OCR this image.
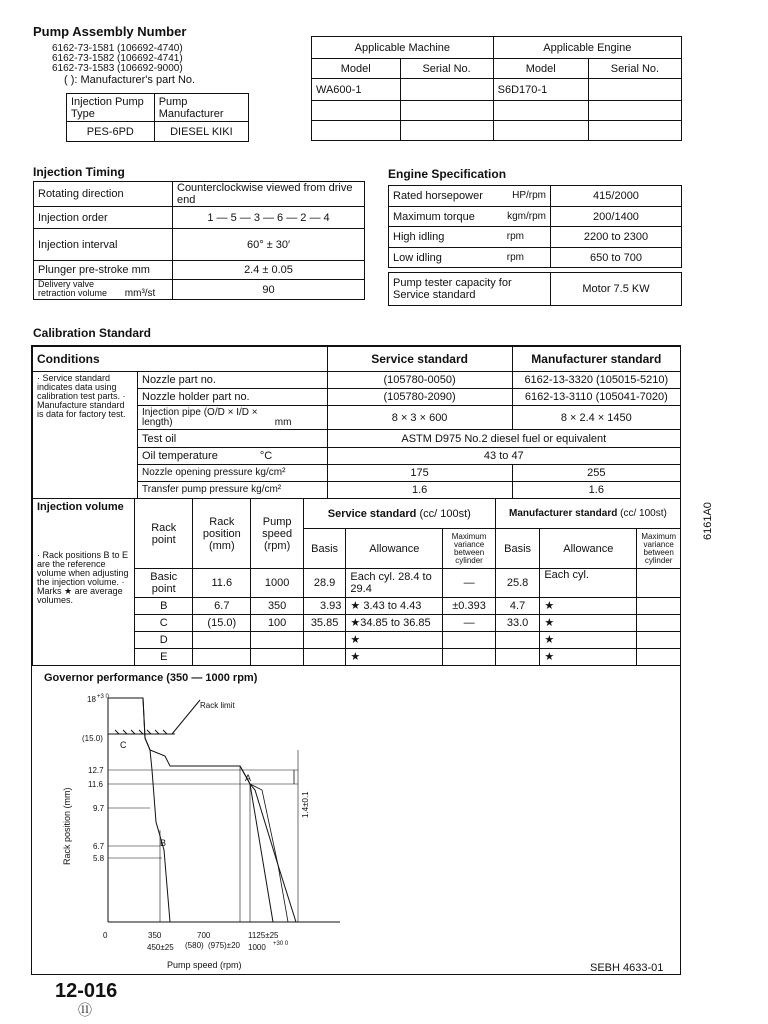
Pump Assembly Number
6162-73-1581 (106692-4740)
6162-73-1582 (106692-4741)
6162-73-1583 (106692-9000)
( ): Manufacturer's part No.
Injection Pump Type	Pump Manufacturer
PES-6PD	DIESEL KIKI
Applicable Machine		Applicable Engine	
Model	Serial No.	Model	Serial No.
WA600-1		S6D170-1	

Injection Timing
Rotating direction	Counterclockwise viewed from drive end
Injection order	1 — 5 — 3 — 6 — 2 — 4
Injection interval	60° ± 30′
Plunger pre-stroke mm	2.4 ± 0.05
Delivery valve retraction volume mm³/st	90
Engine Specification
Rated horsepower HP/rpm	415/2000
Maximum torque kgm/rpm	200/1400
High idling rpm	2200 to 2300
Low idling rpm	650 to 700
Pump tester capacity for Service standard	Motor 7.5 KW
Calibration Standard
Conditions		Service standard	Manufacturer standard
· Service standard indicates data using calibration test parts. · Manufacture standard is data for factory test.	Nozzle part no.	(105780-0050)	6162-13-3320 (105015-5210)
	Nozzle holder part no.	(105780-2090)	6162-13-3110 (105041-7020)
	Injection pipe (O/D × I/D × length) mm	8 × 3 × 600	8 × 2.4 × 1450
	Test oil	ASTM D975 No.2 diesel fuel or equivalent	
	Oil temperature °C	43 to 47	
	Nozzle opening pressure kg/cm²	175	255
	Transfer pump pressure kg/cm²	1.6	1.6
Injection volume
· Rack positions B to E are the reference volume when adjusting the injection volume. · Marks ★ are average volumes.	Rack point	Rack position (mm)	Pump speed (rpm)	Service standard (cc/ 100st)			Manufacturer standard (cc/ 100st)		
				Basis	Allowance	Maximum variance between cylinder	Basis	Allowance	Maximum variance between cylinder
	Basic point	11.6	1000	28.9	Each cyl. 28.4 to 29.4	—	25.8	Each cyl.	
	B	6.7	350	3.93	★ 3.43 to 4.43	±0.393	4.7	★	
	C	(15.0)	100	35.85	★34.85 to 36.85	—	33.0	★	
	D				★			★	
	E				★			★	
Governor performance (350 — 1000 rpm)
Rack limit
1.4±0.1
A
B
C
18 +3 0
(15.0)
12.7
11.6
9.7
6.7
5.8
0	350
450±25 (580)
700
(975)±20
1125±25
1000 +30 0
Pump speed (rpm)
Rack position (mm)
SEBH 4633-01
12-016
⑪
6161A0
